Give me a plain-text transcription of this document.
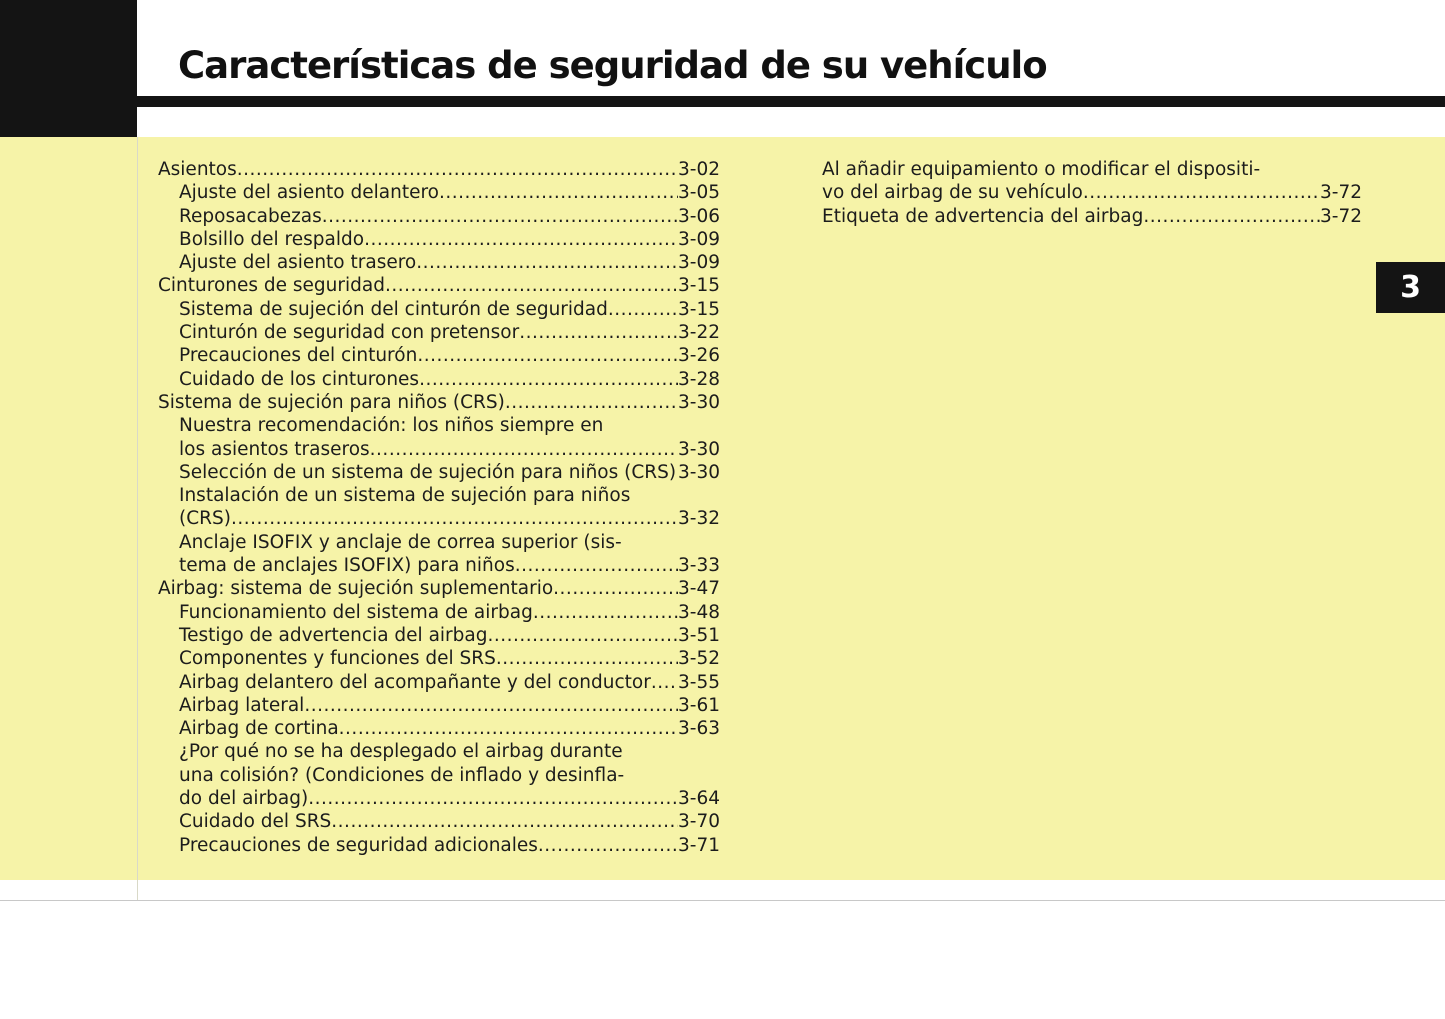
Características de seguridad de su vehículo
3
Asientos .....	3-02
Ajuste del asiento delantero .....	3-05
Reposacabezas .....	3-06
Bolsillo del respaldo .....	3-09
Ajuste del asiento trasero .....	3-09
Cinturones de seguridad .....	3-15
Sistema de sujeción del cinturón de seguridad .....	3-15
Cinturón de seguridad con pretensor .....	3-22
Precauciones del cinturón .....	3-26
Cuidado de los cinturones .....	3-28
Sistema de sujeción para niños (CRS) .....	3-30
Nuestra recomendación: los niños siempre en
los asientos traseros .....	3-30
Selección de un sistema de sujeción para niños (CRS) ..... 3-30
Instalación de un sistema de sujeción para niños
(CRS) .....	3-32
Anclaje ISOFIX y anclaje de correa superior (sis-
tema de anclajes ISOFIX) para niños .....	3-33
Airbag: sistema de sujeción suplementario .....	3-47
Funcionamiento del sistema de airbag .....	3-48
Testigo de advertencia del airbag .....	3-51
Componentes y funciones del SRS .....	3-52
Airbag delantero del acompañante y del conductor ..... 3-55
Airbag lateral .....	3-61
Airbag de cortina .....	3-63
¿Por qué no se ha desplegado el airbag durante
una colisión? (Condiciones de inflado y desinfla-
do del airbag) .....	3-64
Cuidado del SRS .....	3-70
Precauciones de seguridad adicionales .....	3-71
Al añadir equipamiento o modificar el dispositi-
vo del airbag de su vehículo .....	3-72
Etiqueta de advertencia del airbag .....	3-72
